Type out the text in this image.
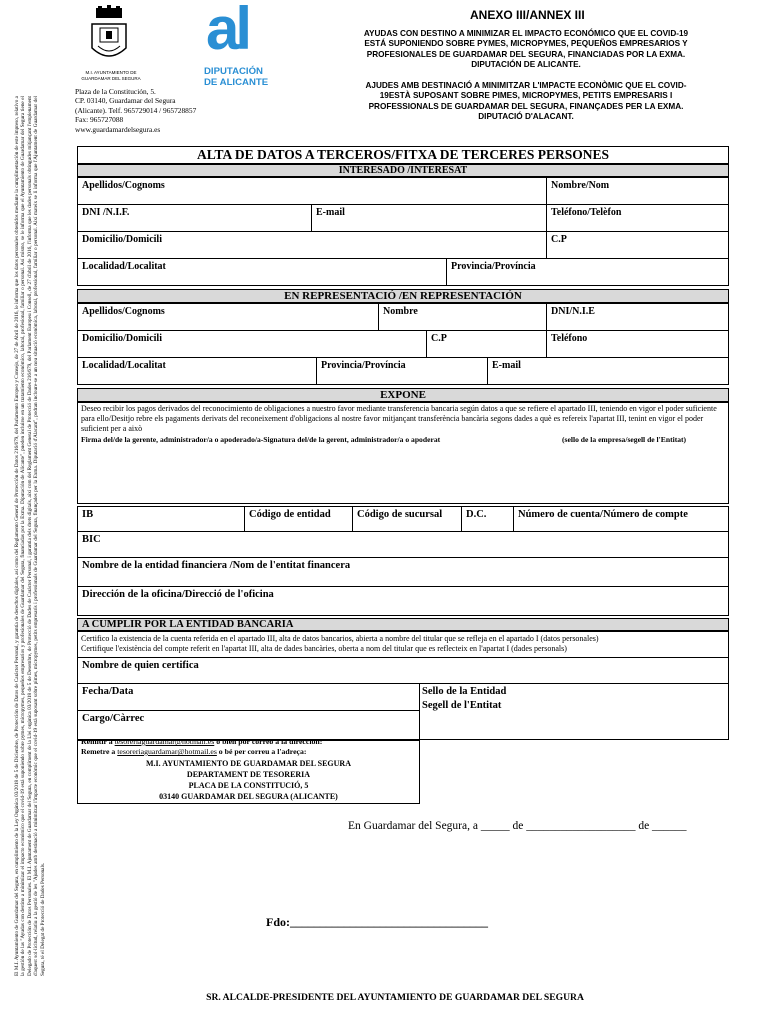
El M.I. Ayuntamiento de Guardamar del Segura, en cumplimiento de la Ley Orgánica 03/2018 de 5 de Diciembre, de Protección de Datos de Carácter Personal, y garantía de derechos digitales, así como del Reglamento General de Protección de Datos 216/679, del Parlamento Europeo y Consejo, de 27 de Abril de 2016, le informa que los datos personales obtenidos mediante la cumplimentación de este impreso, relativo a la gestión de las "Ayudas con destino a minimizar el impacto económico que el covid-19 está suponiendo sobre pymes, micropymes, pequeños empresarios y profesionales de Guardamar del Segura, financiadas por la Exma. Diputación de Alicante", pueden incluirse en un tratamiento económico, laboral, profesional, familiar o personal. Así mismo, se le informa que el Ayuntamiento de Guardamar del Segura tiene el Delegado de Protección de Datos Personales. El M.I. Ajuntament de Guardamar del Segura, en compliment de la Llei orgànica 03/2018 de 5 de Desembre, de Protecció de Dades de Caràcter Personal, i garantia dels drets digitals, així com del Reglament General de Protecció de Dades 216/679, del Parlament Europeu i Consell, de 27 d'abril de 2016, l'informa que les dades personals obtingudes mitjançant l'emplenament d'aquest sol·licitud, relatiu a la gestió de les "Ajudes amb destinació a minimitzar l'impacte econòmic que el covid-19 està suposant sobre pimes, micropymes, petits empresaris i professionals de Guardamar del Segura, finançades per la Exma. Diputació d'Alacant", podran incloure-se a un nou situació econòmica, laboral, professional, familiar o personal. Així mateix se li informa que l'Ajuntament de Guardamar del Segura, té el Delegat de Protecció de Dades Personals.
M.I. AYUNTAMIENTO DE
GUARDAMAR DEL SEGURA
Plaza de la Constitución, 5.
CP. 03140, Guardamar del Segura
(Alicante). Telf. 965729014 / 965728857
Fax: 965727088
www.guardamardelsegura.es
al
DIPUTACIÓN
DE ALICANTE
ANEXO III/ANNEX III
AYUDAS CON DESTINO A MINIMIZAR EL IMPACTO ECONÓMICO QUE EL COVID-19 ESTÁ SUPONIENDO SOBRE PYMES, MICROPYMES, PEQUEÑOS EMPRESARIOS Y PROFESIONALES DE GUARDAMAR DEL SEGURA, FINANCIADAS POR LA EXMA. DIPUTACIÓN DE ALICANTE.
AJUDES AMB DESTINACIÓ A MINIMITZAR L'IMPACTE ECONÒMIC QUE EL COVID-19ESTÀ SUPOSANT SOBRE PIMES, MICROPYMES, PETITS EMPRESARIS I PROFESSIONALS DE GUARDAMAR DEL SEGURA, FINANÇADES PER LA EXMA. DIPUTACIÓ D'ALACANT.
ALTA DE DATOS A TERCEROS/FITXA DE TERCERES PERSONES
INTERESADO /INTERESAT
Apellidos/Cognoms	Nombre/Nom
DNI /N.I.F.	E-mail	Teléfono/Telèfon
Domicilio/Domicili	C.P
Localidad/Localitat	Provincia/Província
EN REPRESENTACIÓ /EN REPRESENTACIÓN
Apellidos/Cognoms	Nombre	DNI/N.I.E
Domicilio/Domicili	C.P	Teléfono
Localidad/Localitat	Provincia/Província	E-mail
EXPONE
Deseo recibir los pagos derivados del reconocimiento de obligaciones a nuestro favor mediante transferencia bancaria según datos a que se refiere el apartado III, teniendo en vigor el poder suficiente para ello/Desitjo rebre els pagaments derivats del reconeixement d'obligacions al nostre favor mitjançant transferència bancària segons dades a què es refereix l'apartat III, tenint en vigor el poder suficient per a això
Firma del/de la gerente, administrador/a o apoderado/a-Signatura del/de la gerent, administrador/a o apoderat	(sello de la empresa/segell de l'Entitat)
IB	Código de entidad	Código de sucursal	D.C.	Número de cuenta/Número de compte
BIC
Nombre de la entidad financiera /Nom de l'entitat financera
Dirección de la oficina/Direcció de l'oficina
A CUMPLIR POR LA ENTIDAD BANCARIA
Certifico la existencia de la cuenta referida en el apartado III, alta de datos bancarios, abierta a nombre del titular que se refleja en el apartado I (datos personales)
Certifique l'existència del compte referit en l'apartat III, alta de dades bancàries, oberta a nom del titular que es reflecteix en l'apartat I (dades personals)
Nombre de quien certifica
Fecha/Data	Sello de la Entidad
Segell de l'Entitat
Cargo/Càrrec
Remitir a tesoreriaguardamar@hotmail.es o bien por correo a la dirección:
Remetre a tesoreriaguardamar@hotmail.es o bé per correu a l'adreça:
M.I. AYUNTAMIENTO DE GUARDAMAR DEL SEGURA
DEPARTAMENT DE TESORERIA
PLACA DE LA CONSTITUCIÓ, 5
03140 GUARDAMAR DEL SEGURA (ALICANTE)
En Guardamar del Segura, a _____ de ___________________ de ______
Fdo:_________________________________
SR. ALCALDE-PRESIDENTE DEL AYUNTAMIENTO DE GUARDAMAR DEL SEGURA
